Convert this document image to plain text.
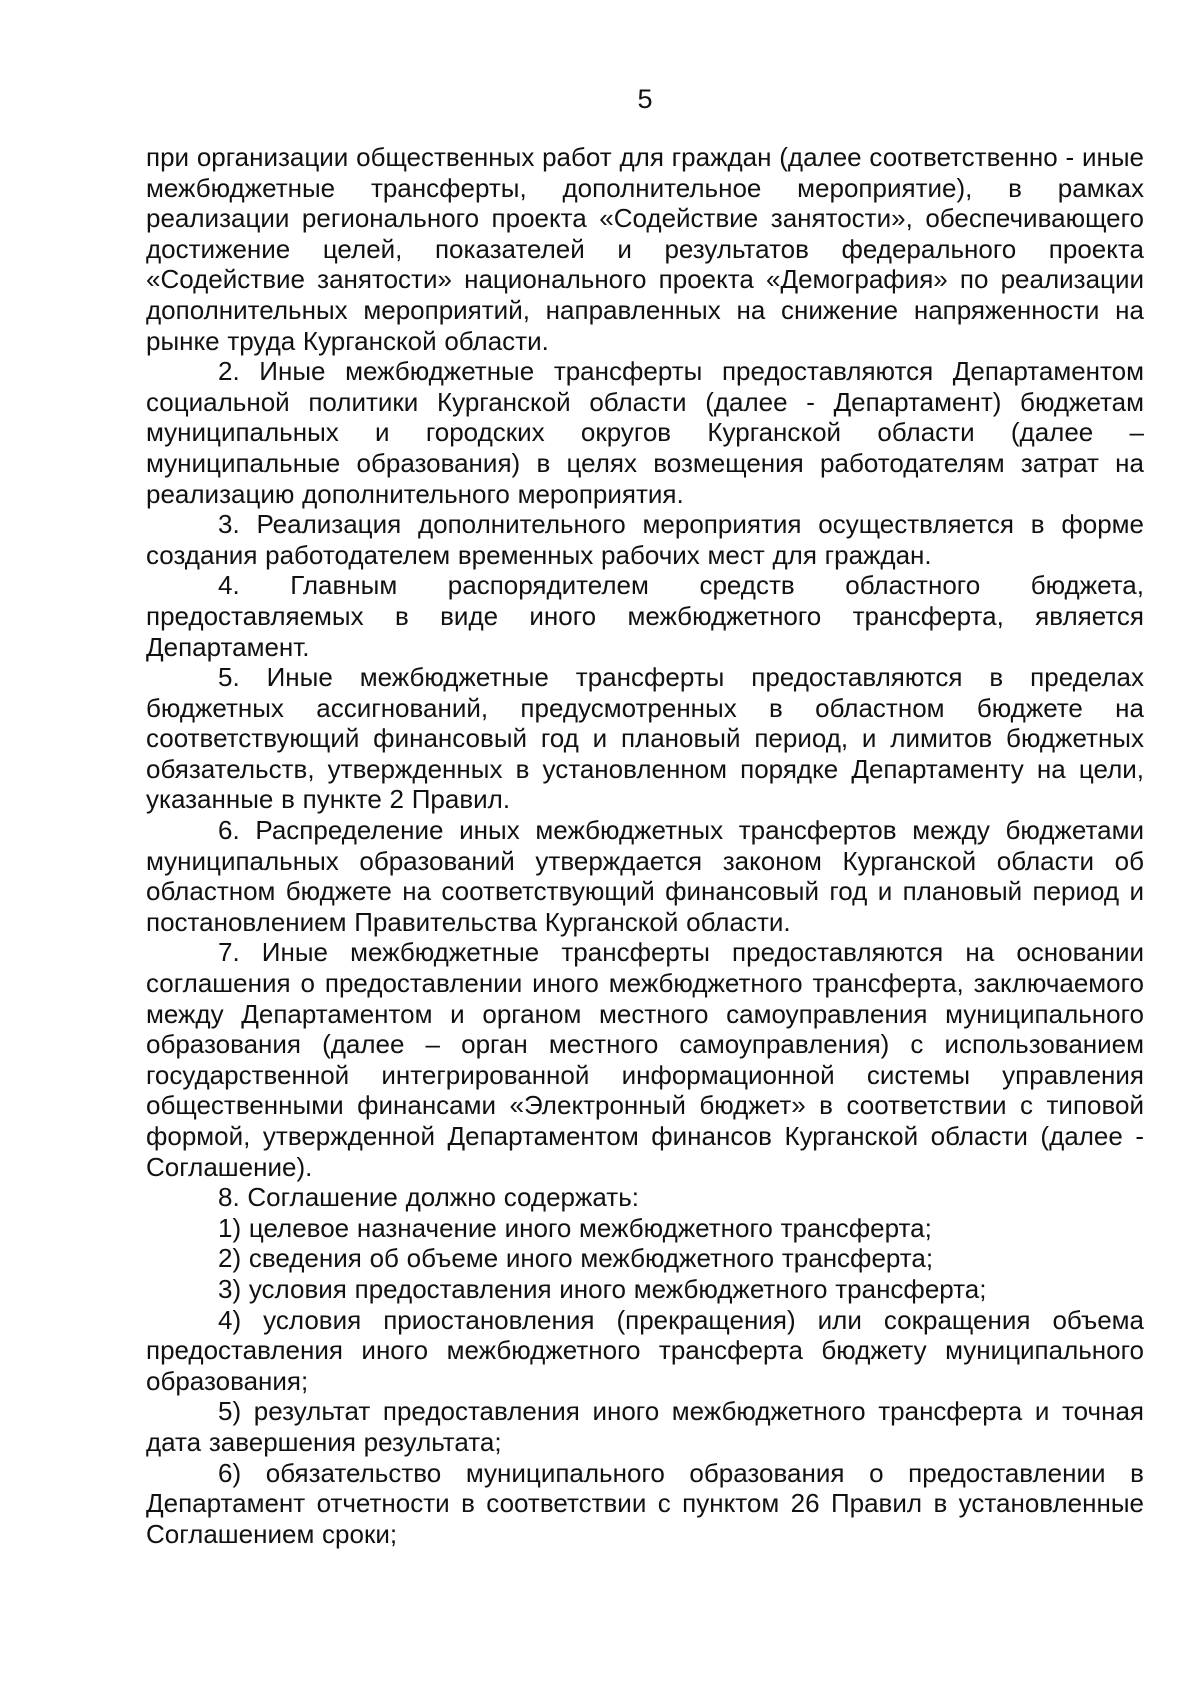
5

при организации общественных работ для граждан (далее соответственно - иные межбюджетные трансферты, дополнительное мероприятие), в рамках реализации регионального проекта «Содействие занятости», обеспечивающего достижение целей, показателей и результатов федерального проекта «Содействие занятости» национального проекта «Демография» по реализации дополнительных мероприятий, направленных на снижение напряженности на рынке труда Курганской области.

2. Иные межбюджетные трансферты предоставляются Департаментом социальной политики Курганской области (далее - Департамент) бюджетам муниципальных и городских округов Курганской области (далее – муниципальные образования) в целях возмещения работодателям затрат на реализацию дополнительного мероприятия.

3. Реализация дополнительного мероприятия осуществляется в форме создания работодателем временных рабочих мест для граждан.

4. Главным распорядителем средств областного бюджета, предоставляемых в виде иного межбюджетного трансферта, является Департамент.

5. Иные межбюджетные трансферты предоставляются в пределах бюджетных ассигнований, предусмотренных в областном бюджете на соответствующий финансовый год и плановый период, и лимитов бюджетных обязательств, утвержденных в установленном порядке Департаменту на цели, указанные в пункте 2 Правил.

6. Распределение иных межбюджетных трансфертов между бюджетами муниципальных образований утверждается законом Курганской области об областном бюджете на соответствующий финансовый год и плановый период и постановлением Правительства Курганской области.

7. Иные межбюджетные трансферты предоставляются на основании соглашения о предоставлении иного межбюджетного трансферта, заключаемого между Департаментом и органом местного самоуправления муниципального образования (далее – орган местного самоуправления) с использованием государственной интегрированной информационной системы управления общественными финансами «Электронный бюджет» в соответствии с типовой формой, утвержденной Департаментом финансов Курганской области (далее - Соглашение).

8. Соглашение должно содержать:

1) целевое назначение иного межбюджетного трансферта;

2) сведения об объеме иного межбюджетного трансферта;

3) условия предоставления иного межбюджетного трансферта;

4) условия приостановления (прекращения) или сокращения объема предоставления иного межбюджетного трансферта бюджету муниципального образования;

5) результат предоставления иного межбюджетного трансферта и точная дата завершения результата;

6) обязательство муниципального образования о предоставлении в Департамент отчетности в соответствии с пунктом 26 Правил в установленные Соглашением сроки;
